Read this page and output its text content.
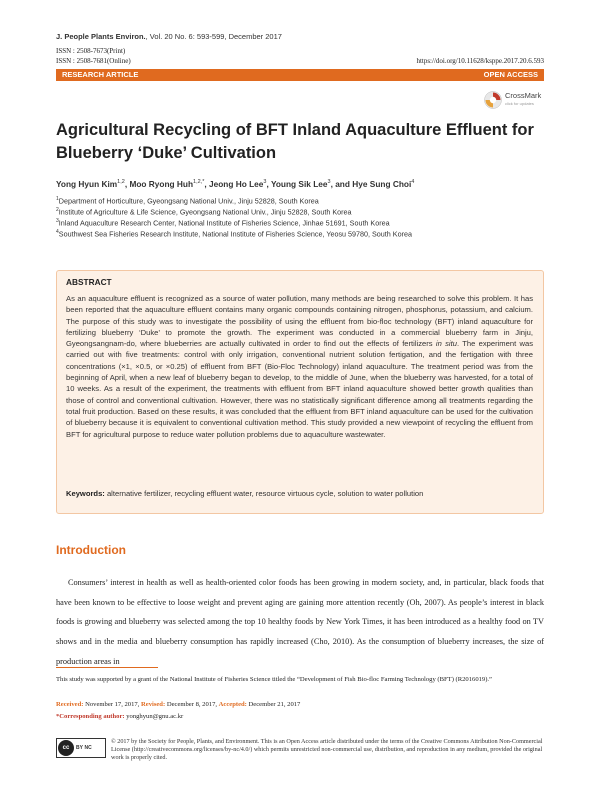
J. People Plants Environ., Vol. 20 No. 6: 593-599, December 2017
ISSN : 2508-7673(Print)
ISSN : 2508-7681(Online)	https://doi.org/10.11628/ksppe.2017.20.6.593
RESEARCH ARTICLE	OPEN ACCESS
CrossMark
click for updates
Agricultural Recycling of BFT Inland Aquaculture Effluent for
Blueberry ‘Duke’ Cultivation
Yong Hyun Kim$^{1,2}$, Moo Ryong Huh$^{1,2,*}$, Jeong Ho Lee$^3$, Young Sik Lee$^3$, and Hye Sung Choi$^4$
$^1$Department of Horticulture, Gyeongsang National Univ., Jinju 52828, South Korea
$^2$Institute of Agriculture & Life Science, Gyeongsang National Univ., Jinju 52828, South Korea
$^3$Inland Aquaculture Research Center, National Institute of Fisheries Science, Jinhae 51691, South Korea
$^4$Southwest Sea Fisheries Research Institute, National Institute of Fisheries Science, Yeosu 59780, South Korea
ABSTRACT
As an aquaculture effluent is recognized as a source of water pollution, many methods are being researched to solve this problem. It has been reported that the aquaculture effluent contains many organic compounds containing nitrogen, phosphorus, potassium, and calcium. The purpose of this study was to investigate the possibility of using the effluent from bio-floc technology (BFT) inland aquaculture for fertilizing blueberry ‘Duke’ to promote the growth. The experiment was conducted in a commercial blueberry farm in Jinju, Gyeongsangnam-do, where blueberries are actually cultivated in order to find out the effects of fertilizers in situ. The experiment was carried out with five treatments: control with only irrigation, conventional nutrient solution fertigation, and the fertigation with three concentrations (×1, ×0.5, or ×0.25) of effluent from BFT (Bio-Floc Technology) inland aquaculture. The treatment period was from the beginning of April, when a new leaf of blueberry began to develop, to the middle of June, when the blueberry was harvested, for a total of 10 weeks. As a result of the experiment, the treatments with effluent from BFT inland aquaculture showed better growth qualities than those of control and conventional cultivation. However, there was no statistically significant difference among all treatments regarding the total fruit production. Based on these results, it was concluded that the effluent from BFT inland aquaculture can be used for the cultivation of blueberry because it is equivalent to conventional cultivation method. This study provided a new viewpoint of recycling the effluent from BFT for agricultural purpose to reduce water pollution problems due to aquaculture wastewater.
Keywords: alternative fertilizer, recycling effluent water, resource virtuous cycle, solution to water pollution
Introduction
Consumers’ interest in health as well as health-oriented color foods has been growing in modern society, and, in particular, black foods that have been known to be effective to loose weight and prevent aging are gaining more attention recently (Oh, 2007). As people’s interest in black foods is growing and blueberry was selected among the top 10 healthy foods by New York Times, it has been introduced as a healthy food on TV shows and in the media and blueberry consumption has rapidly increased (Cho, 2010). As the consumption of blueberry increases, the size of production areas in
This study was supported by a grant of the National Institute of Fisheries Science titled the “Development of Fish Bio-floc Farming Technology (BFT) (R2016019).”
Received: November 17, 2017, Revised: December 8, 2017, Accepted: December 21, 2017
*Corresponding author: yonghyun@gnu.ac.kr
cc	BY
NC
© 2017 by the Society for People, Plants, and Environment. This is an Open Access article distributed under the terms of the Creative Commons Attribution Non-Commercial License (http://creativecommons.org/licenses/by-nc/4.0/) which permits unrestricted non-commercial use, distribution, and reproduction in any medium, provided the original work is properly cited.
